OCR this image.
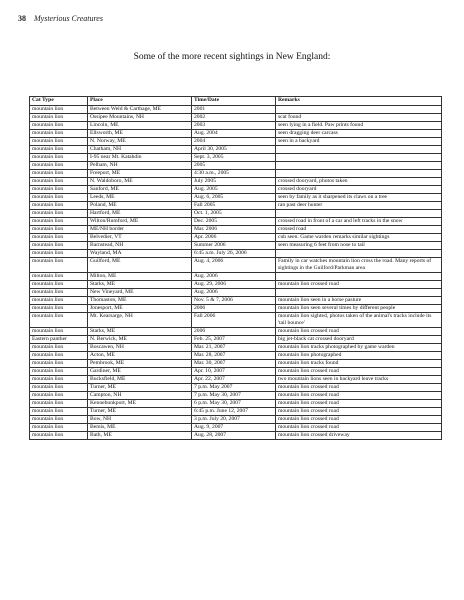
38 Mysterious Creatures
Some of the more recent sightings in New England:
Cat Type	Place	Time/Date	Remarks
mountain lion	Between Weld & Carthage, ME	2001	
mountain lion	Ossipee Mountains, NH	2002	scat found
mountain lion	Lincoln, ME	2003	seen lying in a field. Paw prints found
mountain lion	Ellsworth, ME	Aug. 2004	seen dragging deer carcass
mountain lion	N. Norway, ME	2004	seen in a backyard
mountain lion	Chatham, NH	April 30, 2005	
mountain lion	I-95 near Mt. Katahdin	Sept. 3, 2005	
mountain lion	Pelham, NH	2005	
mountain lion	Freeport, ME	4:30 a.m., 2005	
mountain lion	N. Waldoboro, ME	July 2005	crossed dooryard, photos taken
mountain lion	Sanford, ME	Aug. 2005	crossed dooryard
mountain lion	Leeds, ME	Aug. 6, 2005	seen by family as it sharpened its claws on a tree
mountain lion	Poland, ME	Fall 2005	ran past deer hunter
mountain lion	Hartford, ME	Oct. 1, 2005	
mountain lion	Wilton/Rumford, ME	Dec. 2005	crossed road in front of a car and left tracks in the snow
mountain lion	ME/NH border	Mar. 2006	crossed road
mountain lion	Belvedier, VT	Apr. 2006	cub seen. Game warden remarks similar sightings
mountain lion	Barnstead, NH	Summer 2006	seen measuring 6 feet from nose to tail
mountain lion	Wayland, MA	6:45 a.m. July 26, 2006	
mountain lion	Guilford, ME	Aug. 4, 2006	Family in car watches mountain lion cross the road. Many reports of sightings in the Guilford/Parkman area
mountain lion	Milton, ME	Aug. 2006	
mountain lion	Starks, ME	Aug. 29, 2006	mountain lion crossed road
mountain lion	New Vineyard, ME	Aug. 2006	
mountain lion	Thomaston, ME	Nov. 5 & 7, 2006	mountain lion seen in a horse pasture
mountain lion	Jonesport, ME	2006	mountain lion seen several times by different people
mountain lion	Mt. Kearsarge, NH	Fall 2006	mountain lion sighted, photos taken of the animal's tracks include its 'tail bounce'
mountain lion	Starks, ME	2006	mountain lion crossed road
Eastern panther	N. Berwick, ME	Feb. 25, 2007	big jet-black cat crossed dooryard
mountain lion	Boscawen, NH	Mar. 21, 2007	mountain lion tracks photographed by game warden
mountain lion	Acton, ME	Mar. 28, 2007	mountain lion photographed
mountain lion	Pembrook, ME	Mar. 30, 2007	mountain lion tracks found
mountain lion	Gardiner, ME	Apr. 10, 2007	mountain lion crossed road
mountain lion	Bucksfield, ME	Apr. 22, 2007	two mountain lions seen in backyard leave tracks
mountain lion	Turner, ME	7 p.m. May 2007	mountain lion crossed road
mountain lion	Campton, NH	7 p.m. May 30, 2007	mountain lion crossed road
mountain lion	Kennebunkport, ME	6 p.m. May 30, 2007	mountain lion crossed road
mountain lion	Turner, ME	6:45 p.m. June 12, 2007	mountain lion crossed road
mountain lion	Bow, NH	3 p.m. July 20, 2007	mountain lion crossed road
mountain lion	Bemis, ME	Aug. 9, 2007	mountain lion crossed road
mountain lion	Bath, ME	Aug. 28, 2007	mountain lion crossed driveway
